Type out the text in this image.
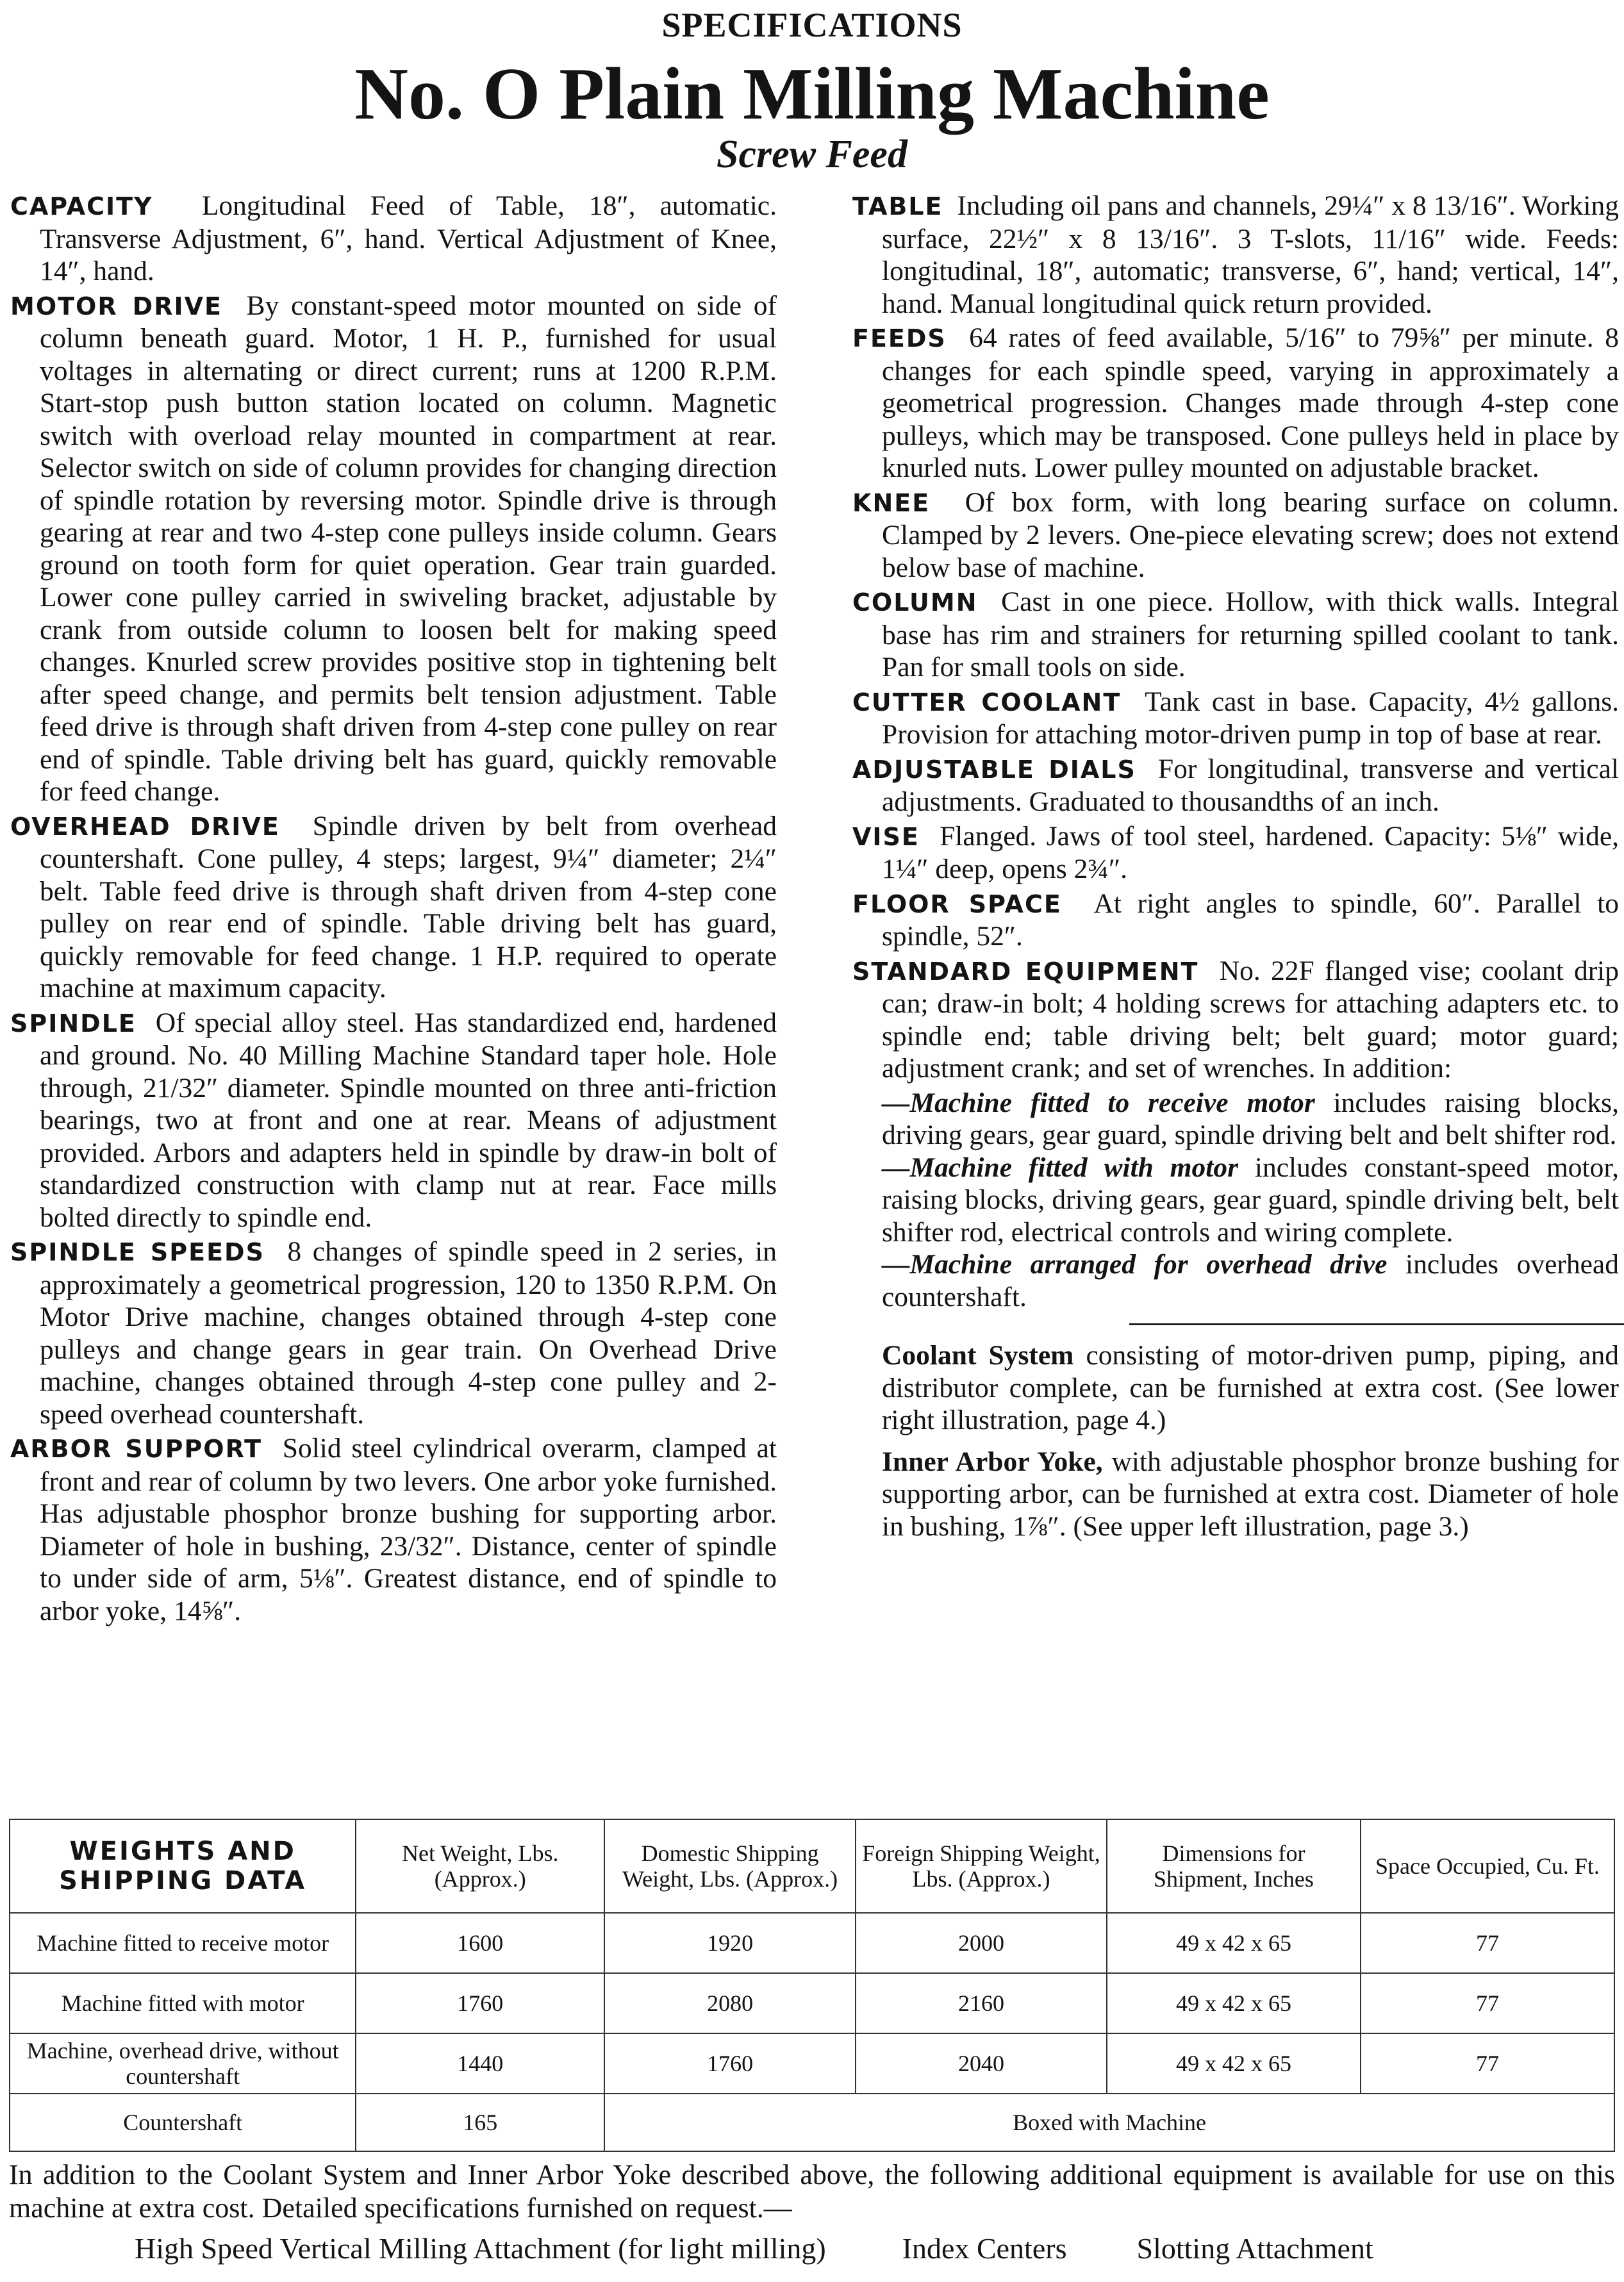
SPECIFICATIONS
No. O Plain Milling Machine
Screw Feed

CAPACITY Longitudinal Feed of Table, 18″, automatic. Transverse Adjustment, 6″, hand. Vertical Adjustment of Knee, 14″, hand.

MOTOR DRIVE By constant-speed motor mounted on side of column beneath guard. Motor, 1 H. P., furnished for usual voltages in alternating or direct current; runs at 1200 R.P.M. Start-stop push button station located on column. Magnetic switch with overload relay mounted in compartment at rear. Selector switch on side of column provides for changing direction of spindle rotation by reversing motor. Spindle drive is through gearing at rear and two 4-step cone pulleys inside column. Gears ground on tooth form for quiet operation. Gear train guarded. Lower cone pulley carried in swiveling bracket, adjustable by crank from outside column to loosen belt for making speed changes. Knurled screw provides positive stop in tightening belt after speed change, and permits belt tension adjustment. Table feed drive is through shaft driven from 4-step cone pulley on rear end of spindle. Table driving belt has guard, quickly removable for feed change.

OVERHEAD DRIVE Spindle driven by belt from overhead countershaft. Cone pulley, 4 steps; largest, 9¼″ diameter; 2¼″ belt. Table feed drive is through shaft driven from 4-step cone pulley on rear end of spindle. Table driving belt has guard, quickly removable for feed change. 1 H.P. required to operate machine at maximum capacity.

SPINDLE Of special alloy steel. Has standardized end, hardened and ground. No. 40 Milling Machine Standard taper hole. Hole through, 21/32″ diameter. Spindle mounted on three anti-friction bearings, two at front and one at rear. Means of adjustment provided. Arbors and adapters held in spindle by draw-in bolt of standardized construction with clamp nut at rear. Face mills bolted directly to spindle end.

SPINDLE SPEEDS 8 changes of spindle speed in 2 series, in approximately a geometrical progression, 120 to 1350 R.P.M. On Motor Drive machine, changes obtained through 4-step cone pulleys and change gears in gear train. On Overhead Drive machine, changes obtained through 4-step cone pulley and 2-speed overhead countershaft.

ARBOR SUPPORT Solid steel cylindrical overarm, clamped at front and rear of column by two levers. One arbor yoke furnished. Has adjustable phosphor bronze bushing for supporting arbor. Diameter of hole in bushing, 23/32″. Distance, center of spindle to under side of arm, 5⅛″. Greatest distance, end of spindle to arbor yoke, 14⅝″.

TABLE Including oil pans and channels, 29¼″ x 8 13/16″. Working surface, 22½″ x 8 13/16″. 3 T-slots, 11/16″ wide. Feeds: longitudinal, 18″, automatic; transverse, 6″, hand; vertical, 14″, hand. Manual longitudinal quick return provided.

FEEDS 64 rates of feed available, 5/16″ to 79⅝″ per minute. 8 changes for each spindle speed, varying in approximately a geometrical progression. Changes made through 4-step cone pulleys, which may be transposed. Cone pulleys held in place by knurled nuts. Lower pulley mounted on adjustable bracket.

KNEE Of box form, with long bearing surface on column. Clamped by 2 levers. One-piece elevating screw; does not extend below base of machine.

COLUMN Cast in one piece. Hollow, with thick walls. Integral base has rim and strainers for returning spilled coolant to tank. Pan for small tools on side.

CUTTER COOLANT Tank cast in base. Capacity, 4½ gallons. Provision for attaching motor-driven pump in top of base at rear.

ADJUSTABLE DIALS For longitudinal, transverse and vertical adjustments. Graduated to thousandths of an inch.

VISE Flanged. Jaws of tool steel, hardened. Capacity: 5⅛″ wide, 1¼″ deep, opens 2¾″.

FLOOR SPACE At right angles to spindle, 60″. Parallel to spindle, 52″.

STANDARD EQUIPMENT No. 22F flanged vise; coolant drip can; draw-in bolt; 4 holding screws for attaching adapters etc. to spindle end; table driving belt; belt guard; motor guard; adjustment crank; and set of wrenches. In addition:

—Machine fitted to receive motor includes raising blocks, driving gears, gear guard, spindle driving belt and belt shifter rod.

—Machine fitted with motor includes constant-speed motor, raising blocks, driving gears, gear guard, spindle driving belt, belt shifter rod, electrical controls and wiring complete.

—Machine arranged for overhead drive includes overhead countershaft.

Coolant System consisting of motor-driven pump, piping, and distributor complete, can be furnished at extra cost. (See lower right illustration, page 4.)

Inner Arbor Yoke, with adjustable phosphor bronze bushing for supporting arbor, can be furnished at extra cost. Diameter of hole in bushing, 1⅞″. (See upper left illustration, page 3.)

WEIGHTS AND
SHIPPING DATA	Net Weight, Lbs. (Approx.)	Domestic Shipping Weight, Lbs. (Approx.)	Foreign Shipping Weight, Lbs. (Approx.)	Dimensions for Shipment, Inches	Space Occupied, Cu. Ft.
Machine fitted to receive motor	1600	1920	2000	49 x 42 x 65	77
Machine fitted with motor	1760	2080	2160	49 x 42 x 65	77
Machine, overhead drive, without countershaft	1440	1760	2040	49 x 42 x 65	77
Countershaft	165	Boxed with Machine			
In addition to the Coolant System and Inner Arbor Yoke described above, the following additional equipment is available for use on this machine at extra cost. Detailed specifications furnished on request.—
High Speed Vertical Milling Attachment (for light milling)	Index Centers Slotting Attachment
